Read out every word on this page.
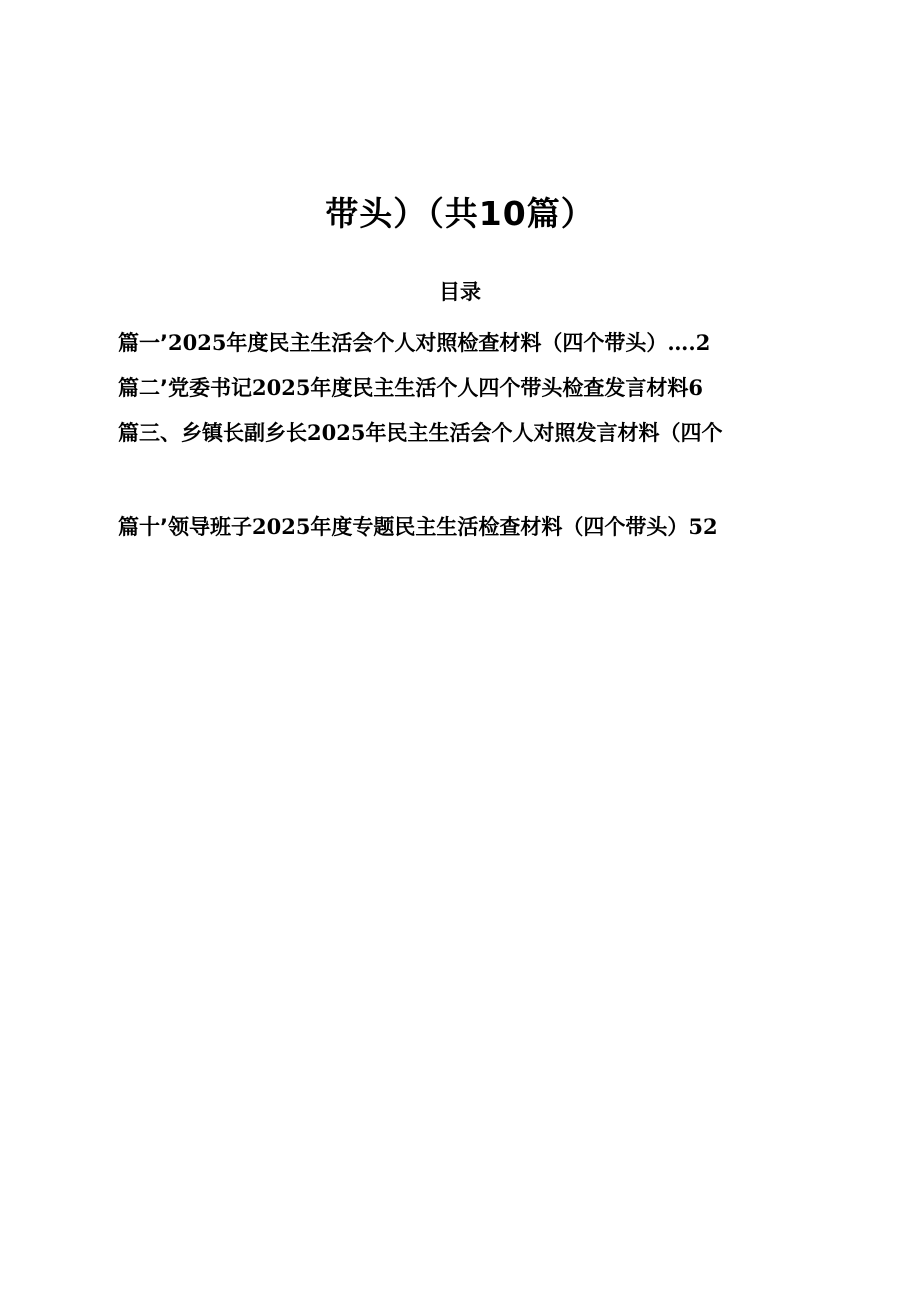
带头）（共10篇）
目录
篇一’2025年度民主生活会个人对照检查材料（四个带头）….2
篇二’党委书记2025年度民主生活个人四个带头检查发言材料6
篇三、乡镇长副乡长2025年民主生活会个人对照发言材料（四个
篇十’领导班子2025年度专题民主生活检查材料（四个带头）52
